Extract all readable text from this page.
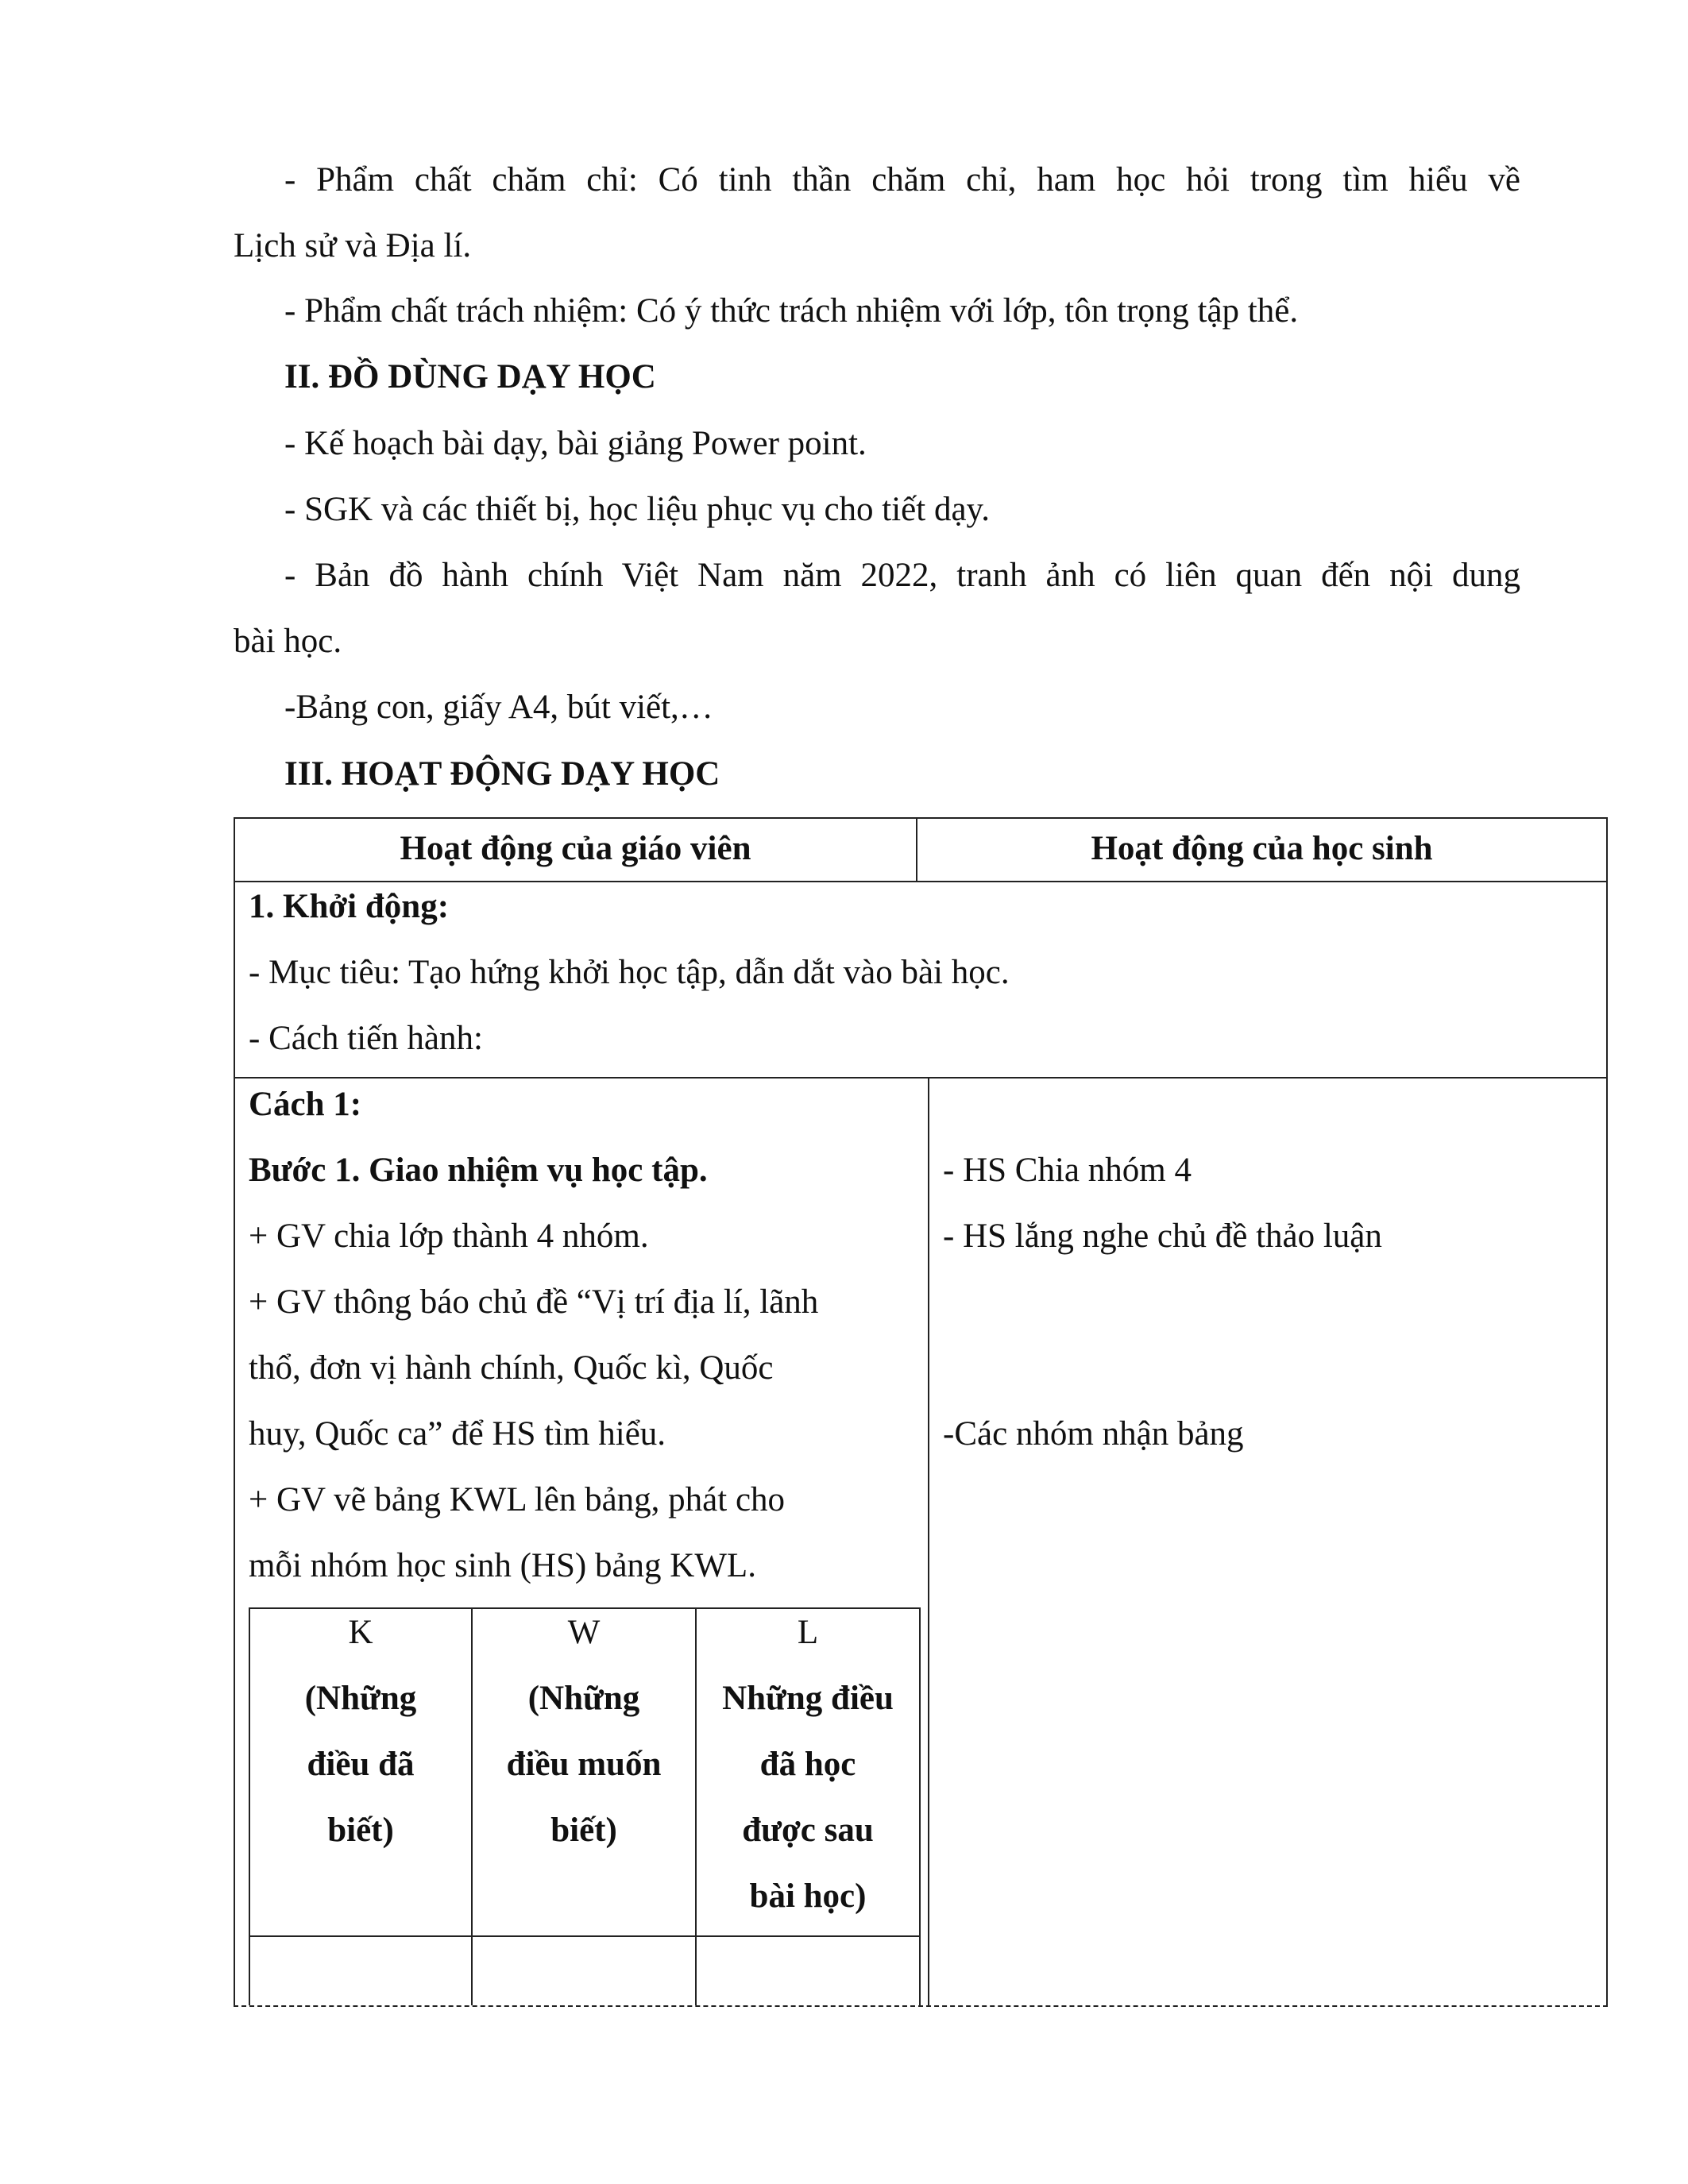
- Phẩm chất chăm chỉ: Có tinh thần chăm chỉ, ham học hỏi trong tìm hiểu về
Lịch sử và Địa lí.
- Phẩm chất trách nhiệm: Có ý thức trách nhiệm với lớp, tôn trọng tập thể.
II. ĐỒ DÙNG DẠY HỌC
- Kế hoạch bài dạy, bài giảng Power point.
- SGK và các thiết bị, học liệu phục vụ cho tiết dạy.
- Bản đồ hành chính Việt Nam năm 2022, tranh ảnh có liên quan đến nội dung
bài học.
-Bảng con, giấy A4, bút viết,…
III. HOẠT ĐỘNG DẠY HỌC
Hoạt động của giáo viên	Hoạt động của học sinh
1. Khởi động:
- Mục tiêu: Tạo hứng khởi học tập, dẫn dắt vào bài học.
- Cách tiến hành:
Cách 1:
Bước 1. Giao nhiệm vụ học tập.
+ GV chia lớp thành 4 nhóm.
+ GV thông báo chủ đề “Vị trí địa lí, lãnh
thổ, đơn vị hành chính, Quốc kì, Quốc
huy, Quốc ca” để HS tìm hiểu.
+ GV vẽ bảng KWL lên bảng, phát cho
mỗi nhóm học sinh (HS) bảng KWL.
- HS Chia nhóm 4
- HS lắng nghe chủ đề thảo luận
-Các nhóm nhận bảng
K
(Những
điều đã
biết)
W
(Những
điều muốn
biết)
L
Những điều
đã học
được sau
bài học)
